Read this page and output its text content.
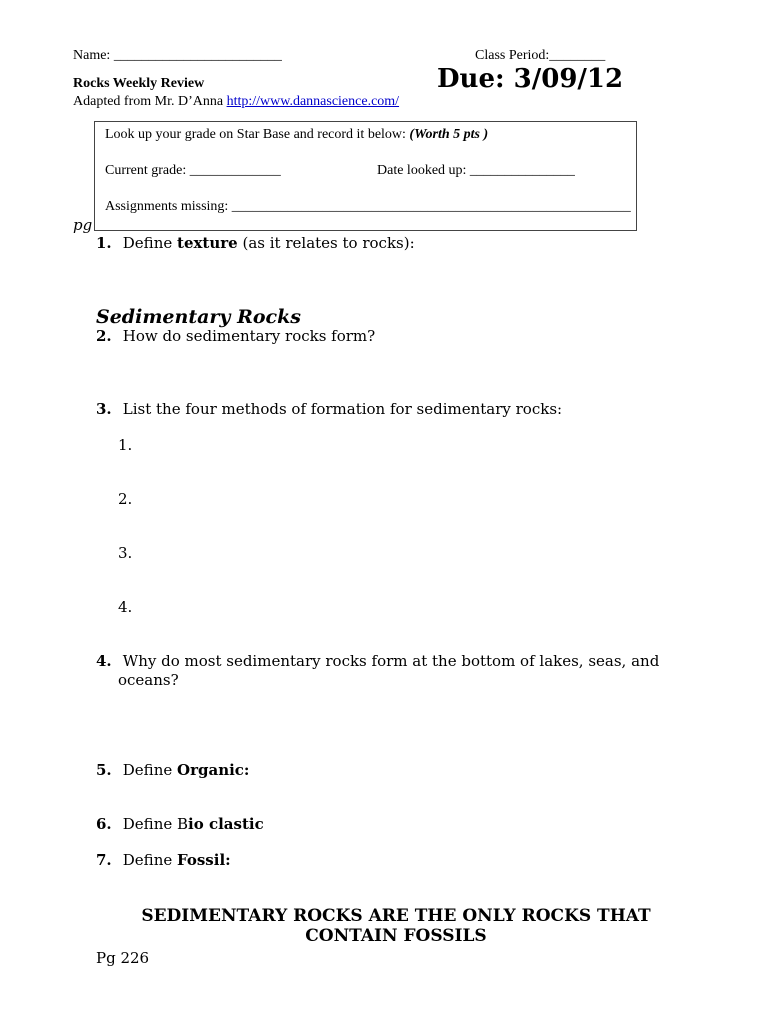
Name: ________________________	Class Period:________
Rocks Weekly Review	Due: 3/09/12
Adapted from Mr. D’Anna http://www.dannascience.com/
Look up your grade on Star Base and record it below: (Worth 5 pts )
Current grade: _____________	Date looked up: _______________
Assignments missing: _________________________________________________________
pg
1. Define texture (as it relates to rocks):
Sedimentary Rocks
2. How do sedimentary rocks form?
3. List the four methods of formation for sedimentary rocks:
1.
2.
3.
4.
4. Why do most sedimentary rocks form at the bottom of lakes, seas, and
oceans?
5. Define Organic:
6. Define Bio clastic
7. Define Fossil:
SEDIMENTARY ROCKS ARE THE ONLY ROCKS THAT CONTAIN FOSSILS
Pg 226
